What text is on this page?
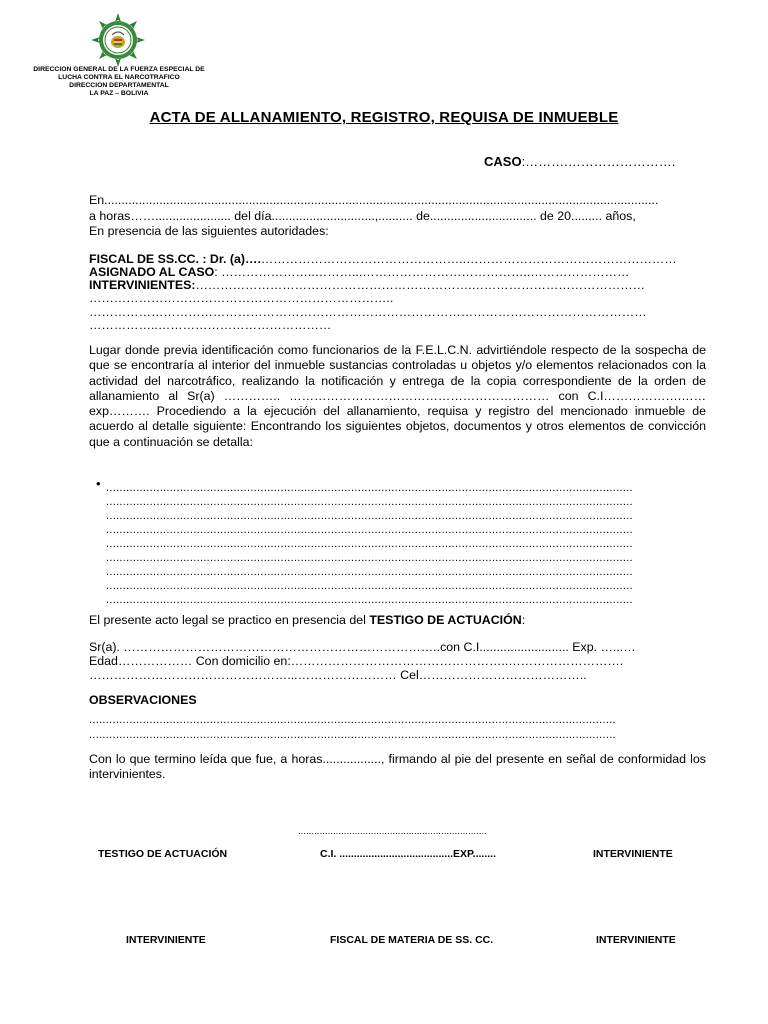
DIRECCION GENERAL DE LA FUERZA ESPECIAL DE
LUCHA CONTRA EL NARCOTRAFICO
DIRECCION DEPARTAMENTAL
LA PAZ – BOLIVIA
ACTA DE ALLANAMIENTO, REGISTRO, REQUISA DE INMUEBLE
CASO:……….…………………….
En.................................................................................................................................................................
a horas……...................... del día..............................,.......... de............................... de 20......... años,
En presencia de las siguientes autoridades:
FISCAL DE SS.CC. : Dr. (a)….…………………………………………..……………………………………………
ASIGNADO AL CASO: …………………..………...…………………………………..……………………
INTERVINIENTES:………………………………………………………….……………………………………
………………………………………………………………..
………………………………………………………………………………………………………………………
……………..……………………………………
Lugar donde previa identificación como funcionarios de la F.E.L.C.N. advirtiéndole respecto de la sospecha de que se encontraría al interior del inmueble sustancias controladas u objetos y/o elementos relacionados con la actividad del narcotráfico, realizando la notificación y entrega de la copia correspondiente de la orden de allanamiento al Sr(a) ………….. ……………………………………………………… con C.I……………….…… exp………. Procediendo a la ejecución del allanamiento, requisa y registro del mencionado inmueble de acuerdo al detalle siguiente: Encontrando los siguientes objetos, documentos y otros elementos de convicción que a continuación se detalla:
• .............................................................................................................................................................
.............................................................................................................................................................
.............................................................................................................................................................
.............................................................................................................................................................
.............................................................................................................................................................
.............................................................................................................................................................
.............................................................................................................................................................
.............................................................................................................................................................
.............................................................................................................................................................
El presente acto legal se practico en presencia del TESTIGO DE ACTUACIÓN:
Sr(a). …………………………………………………………………..con C.I.......................... Exp. …...…
Edad……………… Con domicilio en:……………………………………………..……………………….
…………………………………………...…………………… Cel…………………………………..
OBSERVACIONES
.............................................................................................................................................................
.............................................................................................................................................................
Con lo que termino leída que fue, a horas................., firmando al pie del presente en señal de conformidad los intervinientes.
......................................................................
TESTIGO DE ACTUACIÓN	C.I. .......................................EXP........	INTERVINIENTE
INTERVINIENTE	FISCAL DE MATERIA DE SS. CC.	INTERVINIENTE
